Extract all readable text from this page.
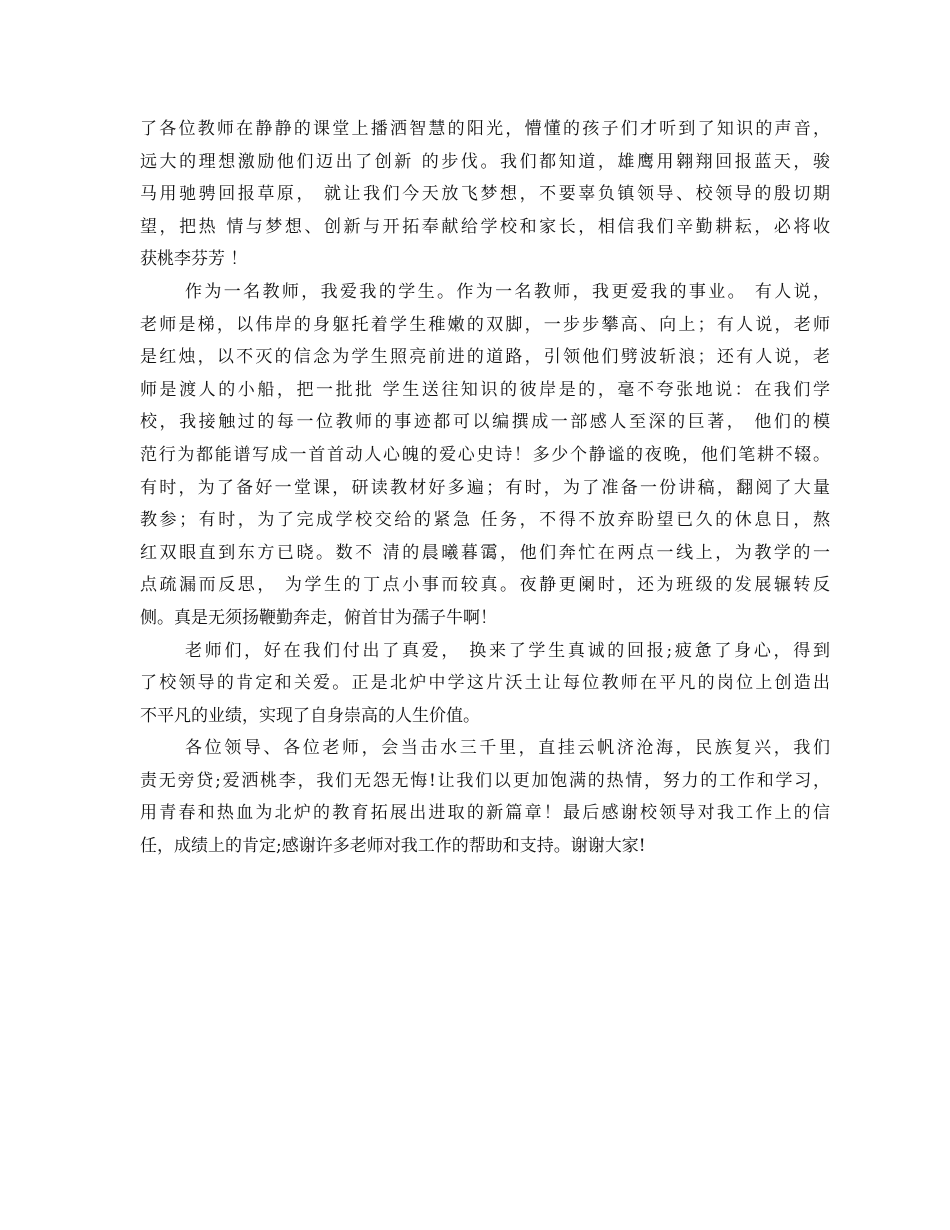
了各位教师在静静的课堂上播洒智慧的阳光，懵懂的孩子们才听到了知识的声音，
远大的理想激励他们迈出了创新 的步伐。我们都知道，雄鹰用翱翔回报蓝天，骏
马用驰骋回报草原， 就让我们今天放飞梦想，不要辜负镇领导、校领导的殷切期
望，把热 情与梦想、创新与开拓奉献给学校和家长，相信我们辛勤耕耘，必将收
获桃李芬芳 ！
作为一名教师，我爱我的学生。作为一名教师，我更爱我的事业。 有人说，
老师是梯，以伟岸的身躯托着学生稚嫩的双脚，一步步攀高、向上；有人说，老师
是红烛，以不灭的信念为学生照亮前进的道路，引领他们劈波斩浪；还有人说，老
师是渡人的小船，把一批批 学生送往知识的彼岸是的，毫不夸张地说：在我们学
校，我接触过的每一位教师的事迹都可以编撰成一部感人至深的巨著， 他们的模
范行为都能谱写成一首首动人心魄的爱心史诗！多少个静谧的夜晚，他们笔耕不辍。
有时，为了备好一堂课，研读教材好多遍；有时，为了准备一份讲稿，翻阅了大量
教参；有时，为了完成学校交给的紧急 任务，不得不放弃盼望已久的休息日，熬
红双眼直到东方已晓。数不 清的晨曦暮霭，他们奔忙在两点一线上，为教学的一
点疏漏而反思， 为学生的丁点小事而较真。夜静更阑时，还为班级的发展辗转反
侧。真是无须扬鞭勤奔走，俯首甘为孺子牛啊！
老师们，好在我们付出了真爱， 换来了学生真诚的回报;疲惫了身心，得到
了校领导的肯定和关爱。正是北炉中学这片沃土让每位教师在平凡的岗位上创造出
不平凡的业绩，实现了自身崇高的人生价值。
各位领导、各位老师，会当击水三千里，直挂云帆济沧海，民族复兴，我们
责无旁贷;爱洒桃李，我们无怨无悔!让我们以更加饱满的热情，努力的工作和学习，
用青春和热血为北炉的教育拓展出进取的新篇章！最后感谢校领导对我工作上的信
任，成绩上的肯定;感谢许多老师对我工作的帮助和支持。谢谢大家!
